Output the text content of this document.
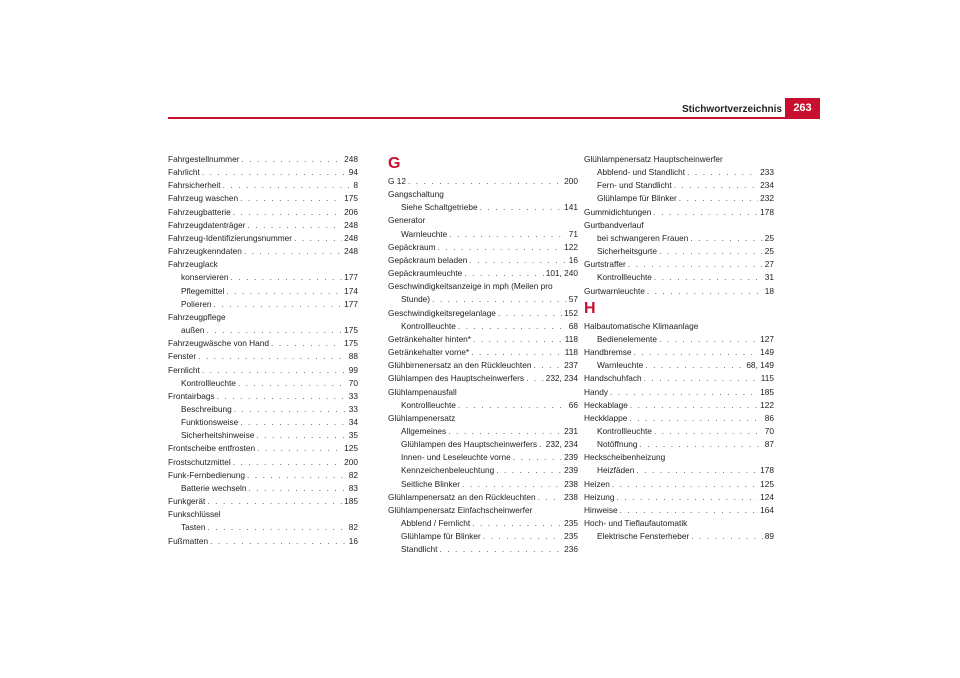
Stichwortverzeichnis	263
Fahrgestellnummer . . .	248
Fahrlicht . . .	94
Fahrsicherheit . . .	8
Fahrzeug waschen . . .	175
Fahrzeugbatterie . . .	206
Fahrzeugdatenträger . . .	248
Fahrzeug-Identifizierungsnummer . . .	248
Fahrzeugkenndaten . . .	248
Fahrzeuglack
konservieren . . .	177
Pflegemittel . . .	174
Polieren . . .	177
Fahrzeugpflege
außen . . .	175
Fahrzeugwäsche von Hand . . .	175
Fenster . . .	88
Fernlicht . . .	99
Kontrollleuchte . . .	70
Frontairbags . . .	33
Beschreibung . . .	33
Funktionsweise . . .	34
Sicherheitshinweise . . .	35
Frontscheibe entfrosten . . .	125
Frostschutzmittel . . .	200
Funk-Fernbedienung . . .	82
Batterie wechseln . . .	83
Funkgerät . . .	185
Funkschlüssel
Tasten . . .	82
Fußmatten . . .	16
G
G 12 . . .	200
Gangschaltung
Siehe Schaltgetriebe . . .	141
Generator
Warnleuchte . . .	71
Gepäckraum . . .	122
Gepäckraum beladen . . .	16
Gepäckraumleuchte . . .	101, 240
Geschwindigkeitsanzeige in mph (Meilen pro
Stunde) . . .	57
Geschwindigkeitsregelanlage . . .	152
Kontrollleuchte . . .	68
Getränkehalter hinten* . . .	118
Getränkehalter vorne* . . .	118
Glühbirnenersatz an den Rückleuchten . . .	237
Glühlampen des Hauptscheinwerfers . . .	232, 234
Glühlampenausfall
Kontrollleuchte . . .	66
Glühlampenersatz
Allgemeines . . .	231
Glühlampen des Hauptscheinwerfers . . . 232, 234
Innen- und Leseleuchte vorne . . .	239
Kennzeichenbeleuchtung . . .	239
Seitliche Blinker . . .	238
Glühlampenersatz an den Rückleuchten . . .	238
Glühlampenersatz Einfachscheinwerfer
Abblend / Fernlicht . . .	235
Glühlampe für Blinker . . .	235
Standlicht . . .	236
Glühlampenersatz Hauptscheinwerfer
Abblend- und Standlicht . . .	233
Fern- und Standlicht . . .	234
Glühlampe für Blinker . . .	232
Gummidichtungen . . .	178
Gurtbandverlauf
bei schwangeren Frauen . . .	25
Sicherheitsgurte . . .	25
Gurtstraffer . . .	27
Kontrollleuchte . . .	31
Gurtwarnleuchte . . .	18
H
Halbautomatische Klimaanlage
Bedienelemente . . .	127
Handbremse . . .	149
Warnleuchte . . .	68, 149
Handschuhfach . . .	115
Handy . . .	185
Heckablage . . .	122
Heckklappe . . .	86
Kontrollleuchte . . .	70
Notöffnung . . .	87
Heckscheibenheizung
Heizfäden . . .	178
Heizen . . .	125
Heizung . . .	124
Hinweise . . .	164
Hoch- und Tieflaufautomatik
Elektrische Fensterheber . . .	89
